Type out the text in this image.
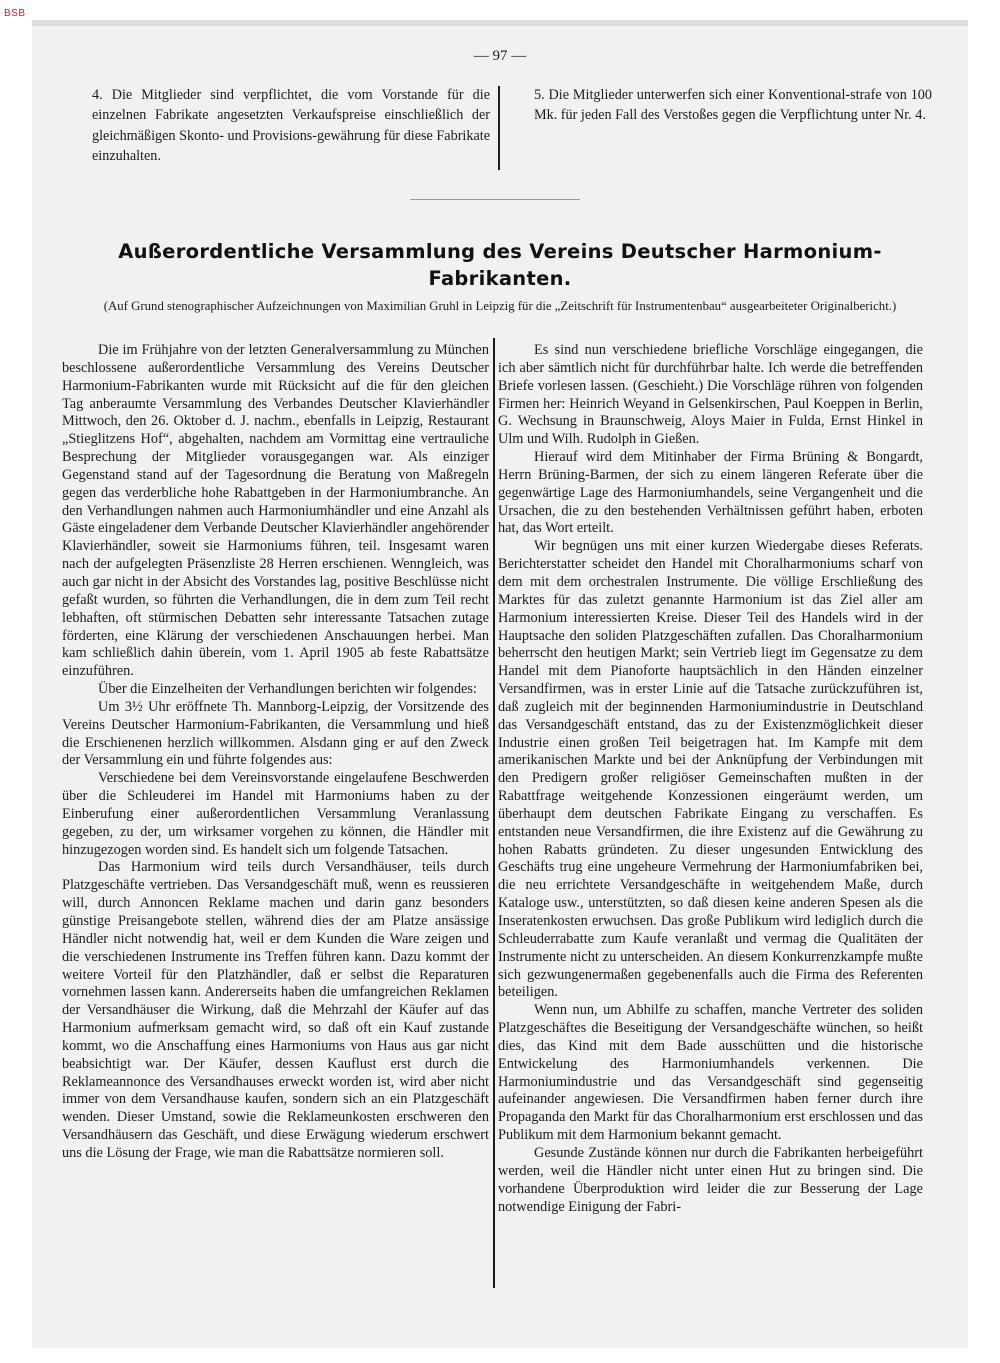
BSB
— 97 —
4. Die Mitglieder sind verpflichtet, die vom Vorstande für die einzelnen Fabrikate angesetzten Verkaufspreise einschließlich der gleichmäßigen Skonto- und Provisions-gewährung für diese Fabrikate einzuhalten.
5. Die Mitglieder unterwerfen sich einer Konventional-strafe von 100 Mk. für jeden Fall des Verstoßes gegen die Verpflichtung unter Nr. 4.
Außerordentliche Versammlung des Vereins Deutscher Harmonium-Fabrikanten.
(Auf Grund stenographischer Aufzeichnungen von Maximilian Gruhl in Leipzig für die „Zeitschrift für Instrumentenbau“ ausgearbeiteter Originalbericht.)

Die im Frühjahre von der letzten Generalversammlung zu München beschlossene außerordentliche Versammlung des Vereins Deutscher Harmonium-Fabrikanten wurde mit Rücksicht auf die für den gleichen Tag anberaumte Versammlung des Verbandes Deutscher Klavierhändler Mittwoch, den 26. Oktober d. J. nachm., ebenfalls in Leipzig, Restaurant „Stieglitzens Hof“, abgehalten, nachdem am Vormittag eine vertrauliche Besprechung der Mitglieder vorausgegangen war. Als einziger Gegenstand stand auf der Tagesordnung die Beratung von Maßregeln gegen das verderbliche hohe Rabattgeben in der Harmoniumbranche. An den Verhandlungen nahmen auch Harmoniumhändler und eine Anzahl als Gäste eingeladener dem Verbande Deutscher Klavierhändler angehörender Klavierhändler, soweit sie Harmoniums führen, teil. Insgesamt waren nach der aufgelegten Präsenzliste 28 Herren erschienen. Wenngleich, was auch gar nicht in der Absicht des Vorstandes lag, positive Beschlüsse nicht gefaßt wurden, so führten die Verhandlungen, die in dem zum Teil recht lebhaften, oft stürmischen Debatten sehr interessante Tatsachen zutage förderten, eine Klärung der verschiedenen Anschauungen herbei. Man kam schließlich dahin überein, vom 1. April 1905 ab feste Rabattsätze einzuführen.

Über die Einzelheiten der Verhandlungen berichten wir folgendes:

Um 3½ Uhr eröffnete Th. Mannborg-Leipzig, der Vorsitzende des Vereins Deutscher Harmonium-Fabrikanten, die Versammlung und hieß die Erschienenen herzlich willkommen. Alsdann ging er auf den Zweck der Versammlung ein und führte folgendes aus:

Verschiedene bei dem Vereinsvorstande eingelaufene Beschwerden über die Schleuderei im Handel mit Harmoniums haben zu der Einberufung einer außerordentlichen Versammlung Veranlassung gegeben, zu der, um wirksamer vorgehen zu können, die Händler mit hinzugezogen worden sind. Es handelt sich um folgende Tatsachen.

Das Harmonium wird teils durch Versandhäuser, teils durch Platzgeschäfte vertrieben. Das Versandgeschäft muß, wenn es reussieren will, durch Annoncen Reklame machen und darin ganz besonders günstige Preisangebote stellen, während dies der am Platze ansässige Händler nicht notwendig hat, weil er dem Kunden die Ware zeigen und die verschiedenen Instrumente ins Treffen führen kann. Dazu kommt der weitere Vorteil für den Platzhändler, daß er selbst die Reparaturen vornehmen lassen kann. Andererseits haben die umfangreichen Reklamen der Versandhäuser die Wirkung, daß die Mehrzahl der Käufer auf das Harmonium aufmerksam gemacht wird, so daß oft ein Kauf zustande kommt, wo die Anschaffung eines Harmoniums von Haus aus gar nicht beabsichtigt war. Der Käufer, dessen Kauflust erst durch die Reklameannonce des Versandhauses erweckt worden ist, wird aber nicht immer von dem Versandhause kaufen, sondern sich an ein Platzgeschäft wenden. Dieser Umstand, sowie die Reklameunkosten erschweren den Versandhäusern das Geschäft, und diese Erwägung wiederum erschwert uns die Lösung der Frage, wie man die Rabattsätze normieren soll.

Es sind nun verschiedene briefliche Vorschläge eingegangen, die ich aber sämtlich nicht für durchführbar halte. Ich werde die betreffenden Briefe vorlesen lassen. (Geschieht.) Die Vorschläge rühren von folgenden Firmen her: Heinrich Weyand in Gelsenkirschen, Paul Koeppen in Berlin, G. Wechsung in Braunschweig, Aloys Maier in Fulda, Ernst Hinkel in Ulm und Wilh. Rudolph in Gießen.

Hierauf wird dem Mitinhaber der Firma Brüning & Bongardt, Herrn Brüning-Barmen, der sich zu einem längeren Referate über die gegenwärtige Lage des Harmoniumhandels, seine Vergangenheit und die Ursachen, die zu den bestehenden Verhältnissen geführt haben, erboten hat, das Wort erteilt.

Wir begnügen uns mit einer kurzen Wiedergabe dieses Referats. Berichterstatter scheidet den Handel mit Choralharmoniums scharf von dem mit dem orchestralen Instrumente. Die völlige Erschließung des Marktes für das zuletzt genannte Harmonium ist das Ziel aller am Harmonium interessierten Kreise. Dieser Teil des Handels wird in der Hauptsache den soliden Platzgeschäften zufallen. Das Choralharmonium beherrscht den heutigen Markt; sein Vertrieb liegt im Gegensatze zu dem Handel mit dem Pianoforte hauptsächlich in den Händen einzelner Versandfirmen, was in erster Linie auf die Tatsache zurückzuführen ist, daß zugleich mit der beginnenden Harmoniumindustrie in Deutschland das Versandgeschäft entstand, das zu der Existenzmöglichkeit dieser Industrie einen großen Teil beigetragen hat. Im Kampfe mit dem amerikanischen Markte und bei der Anknüpfung der Verbindungen mit den Predigern großer religiöser Gemeinschaften mußten in der Rabattfrage weitgehende Konzessionen eingeräumt werden, um überhaupt dem deutschen Fabrikate Eingang zu verschaffen. Es entstanden neue Versandfirmen, die ihre Existenz auf die Gewährung zu hohen Rabatts gründeten. Zu dieser ungesunden Entwicklung des Geschäfts trug eine ungeheure Vermehrung der Harmoniumfabriken bei, die neu errichtete Versandgeschäfte in weitgehendem Maße, durch Kataloge usw., unterstützten, so daß diesen keine anderen Spesen als die Inseratenkosten erwuchsen. Das große Publikum wird lediglich durch die Schleuderrabatte zum Kaufe veranlaßt und vermag die Qualitäten der Instrumente nicht zu unterscheiden. An diesem Konkurrenzkampfe mußte sich gezwungenermaßen gegebenenfalls auch die Firma des Referenten beteiligen.

Wenn nun, um Abhilfe zu schaffen, manche Vertreter des soliden Platzgeschäftes die Beseitigung der Versandgeschäfte wünchen, so heißt dies, das Kind mit dem Bade ausschütten und die historische Entwickelung des Harmoniumhandels verkennen. Die Harmoniumindustrie und das Versandgeschäft sind gegenseitig aufeinander angewiesen. Die Versandfirmen haben ferner durch ihre Propaganda den Markt für das Choralharmonium erst erschlossen und das Publikum mit dem Harmonium bekannt gemacht.

Gesunde Zustände können nur durch die Fabrikanten herbeigeführt werden, weil die Händler nicht unter einen Hut zu bringen sind. Die vorhandene Überproduktion wird leider die zur Besserung der Lage notwendige Einigung der Fabri-
